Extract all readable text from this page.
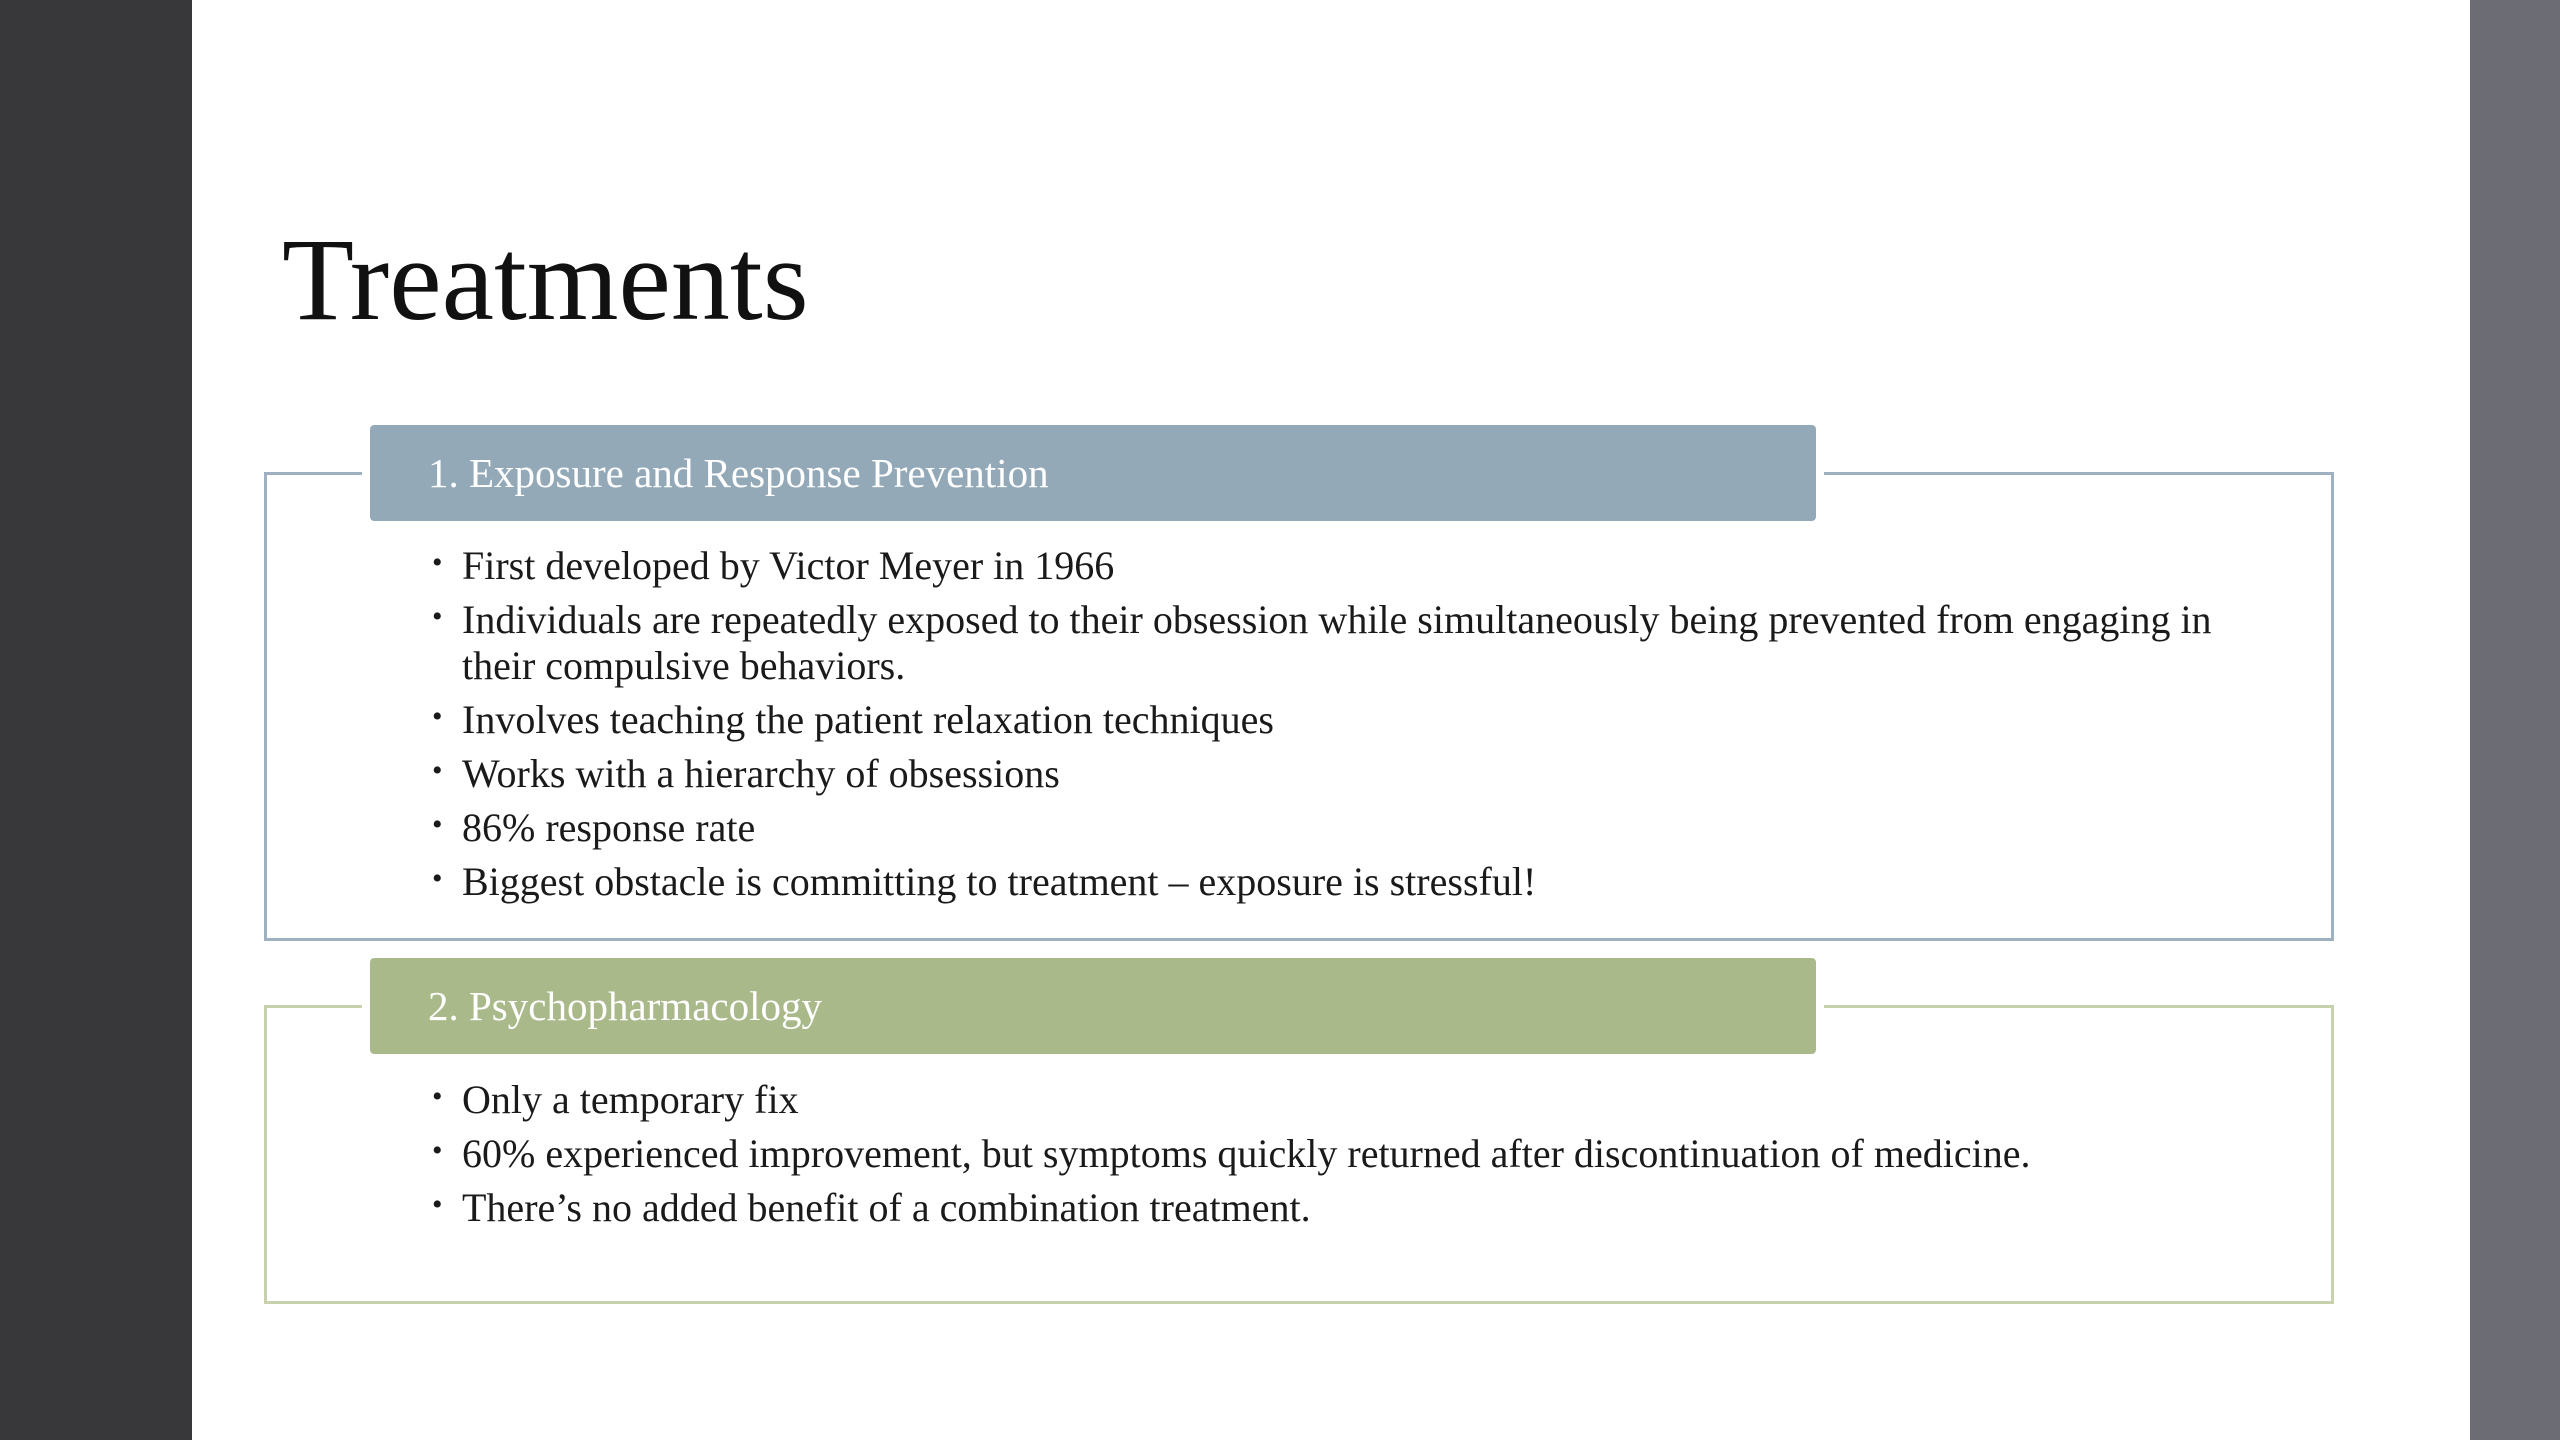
Treatments
1. Exposure and Response Prevention
• First developed by Victor Meyer in 1966
• Individuals are repeatedly exposed to their obsession while simultaneously being prevented from engaging in their compulsive behaviors.
• Involves teaching the patient relaxation techniques
• Works with a hierarchy of obsessions
• 86% response rate
• Biggest obstacle is committing to treatment – exposure is stressful!
2. Psychopharmacology
• Only a temporary fix
• 60% experienced improvement, but symptoms quickly returned after discontinuation of medicine.
• There’s no added benefit of a combination treatment.
